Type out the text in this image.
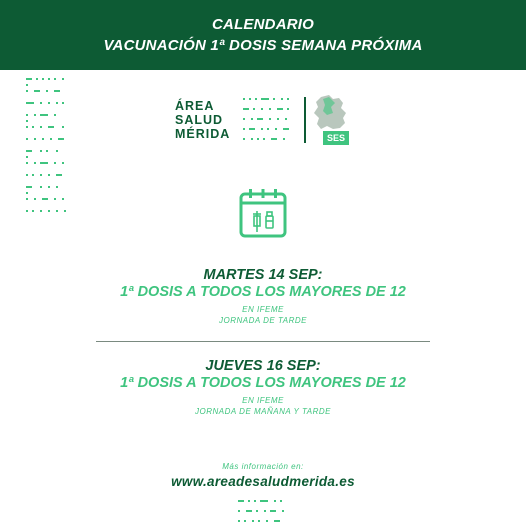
CALENDARIO
VACUNACIÓN 1ª DOSIS SEMANA PRÓXIMA
ÁREA
SALUD
MÉRIDA	SES
MARTES 14 SEP:
1ª DOSIS A TODOS LOS MAYORES DE 12
EN IFEME
JORNADA DE TARDE
JUEVES 16 SEP:
1ª DOSIS A TODOS LOS MAYORES DE 12
EN IFEME
JORNADA DE MAÑANA Y TARDE
Más información en:
www.areadesaludmerida.es
